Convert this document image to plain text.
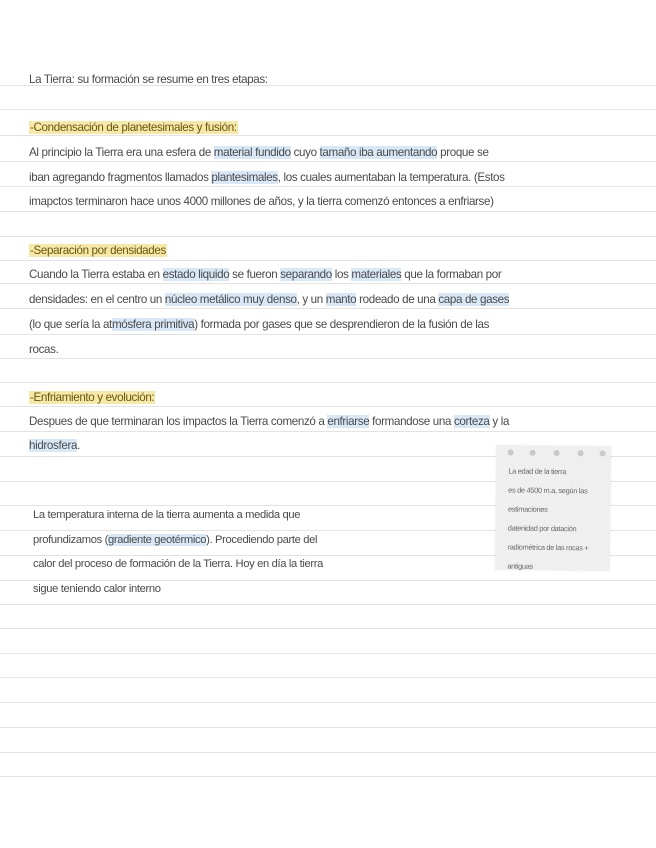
La Tierra: su formación se resume en tres etapas:
-Condensación de planetesimales y fusión:
Al principio la Tierra era una esfera de material fundido cuyo tamaño iba aumentando proque se
iban agregando fragmentos llamados plantesimales, los cuales aumentaban la temperatura. (Estos
imapctos terminaron hace unos 4000 millones de años, y la tierra comenzó entonces a enfriarse)
-Separación por densidades
Cuando la Tierra estaba en estado liquido se fueron separando los materiales que la formaban por
densidades: en el centro un núcleo metálico muy denso, y un manto rodeado de una capa de gases
(lo que sería la atmósfera primitiva) formada por gases que se desprendieron de la fusión de las
rocas.
-Enfriamiento y evolución:
Despues de que terminaran los impactos la Tierra comenzó a enfriarse formandose una corteza y la
hidrosfera.
La edad de la tierra
es de 4500 m.a, según las
estimaciones
datenidad por datación
radiométrica de las rocas +
antiguas
La temperatura interna de la tierra aumenta a medida que
profundizamos (gradiente geotérmico). Procediendo parte del
calor del proceso de formación de la Tierra. Hoy en día la tierra
sigue teniendo calor interno
